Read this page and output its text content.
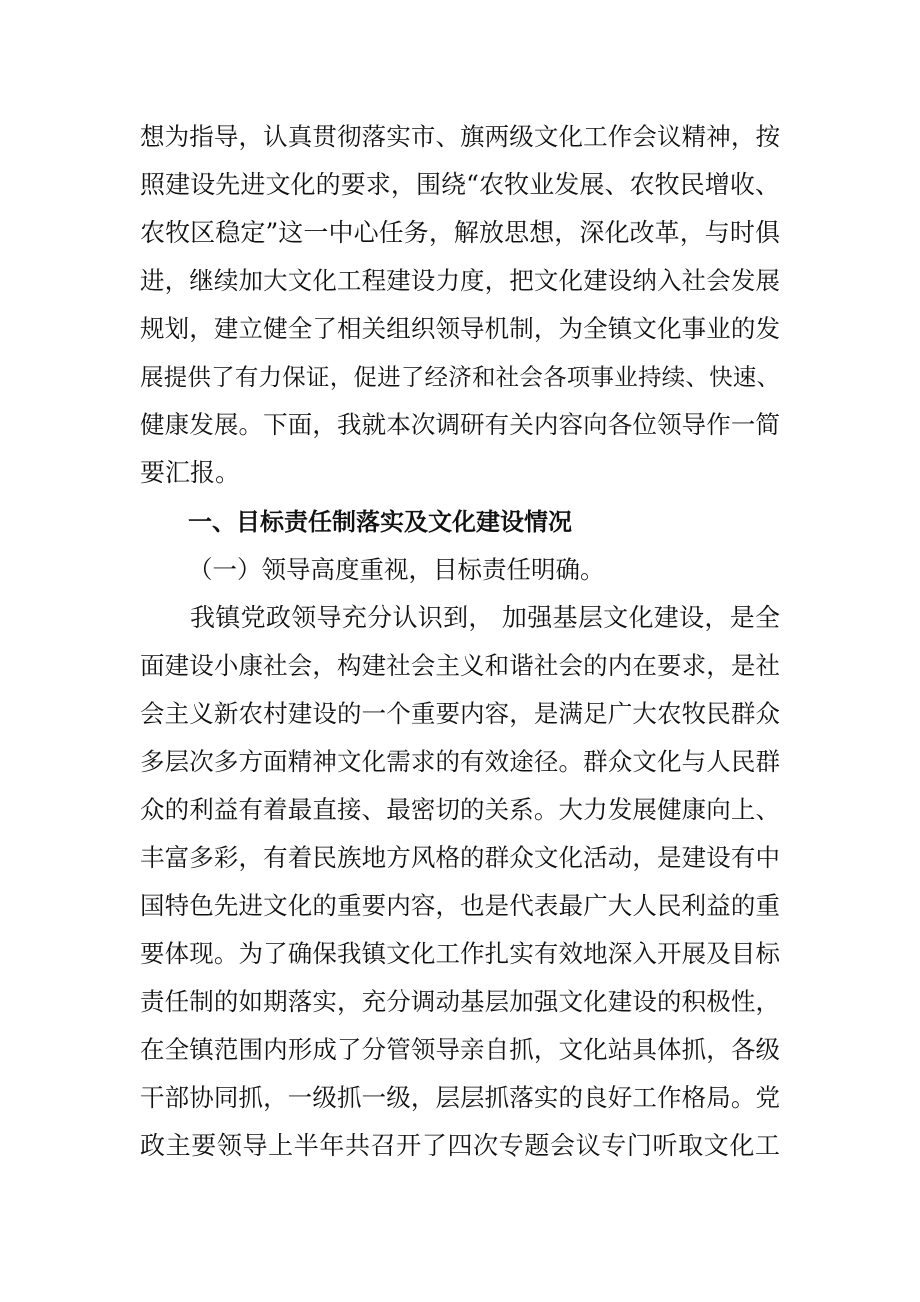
想为指导，认真贯彻落实市、旗两级文化工作会议精神，按
照建设先进文化的要求，围绕“农牧业发展、农牧民增收、
农牧区稳定”这一中心任务，解放思想，深化改革，与时俱
进，继续加大文化工程建设力度，把文化建设纳入社会发展
规划，建立健全了相关组织领导机制，为全镇文化事业的发
展提供了有力保证，促进了经济和社会各项事业持续、快速、
健康发展。下面，我就本次调研有关内容向各位领导作一简
要汇报。
一、目标责任制落实及文化建设情况
（一）领导高度重视，目标责任明确。
我镇党政领导充分认识到， 加强基层文化建设，是全
面建设小康社会，构建社会主义和谐社会的内在要求，是社
会主义新农村建设的一个重要内容，是满足广大农牧民群众
多层次多方面精神文化需求的有效途径。群众文化与人民群
众的利益有着最直接、最密切的关系。大力发展健康向上、
丰富多彩，有着民族地方风格的群众文化活动，是建设有中
国特色先进文化的重要内容，也是代表最广大人民利益的重
要体现。为了确保我镇文化工作扎实有效地深入开展及目标
责任制的如期落实，充分调动基层加强文化建设的积极性，
在全镇范围内形成了分管领导亲自抓，文化站具体抓，各级
干部协同抓，一级抓一级，层层抓落实的良好工作格局。党
政主要领导上半年共召开了四次专题会议专门听取文化工
